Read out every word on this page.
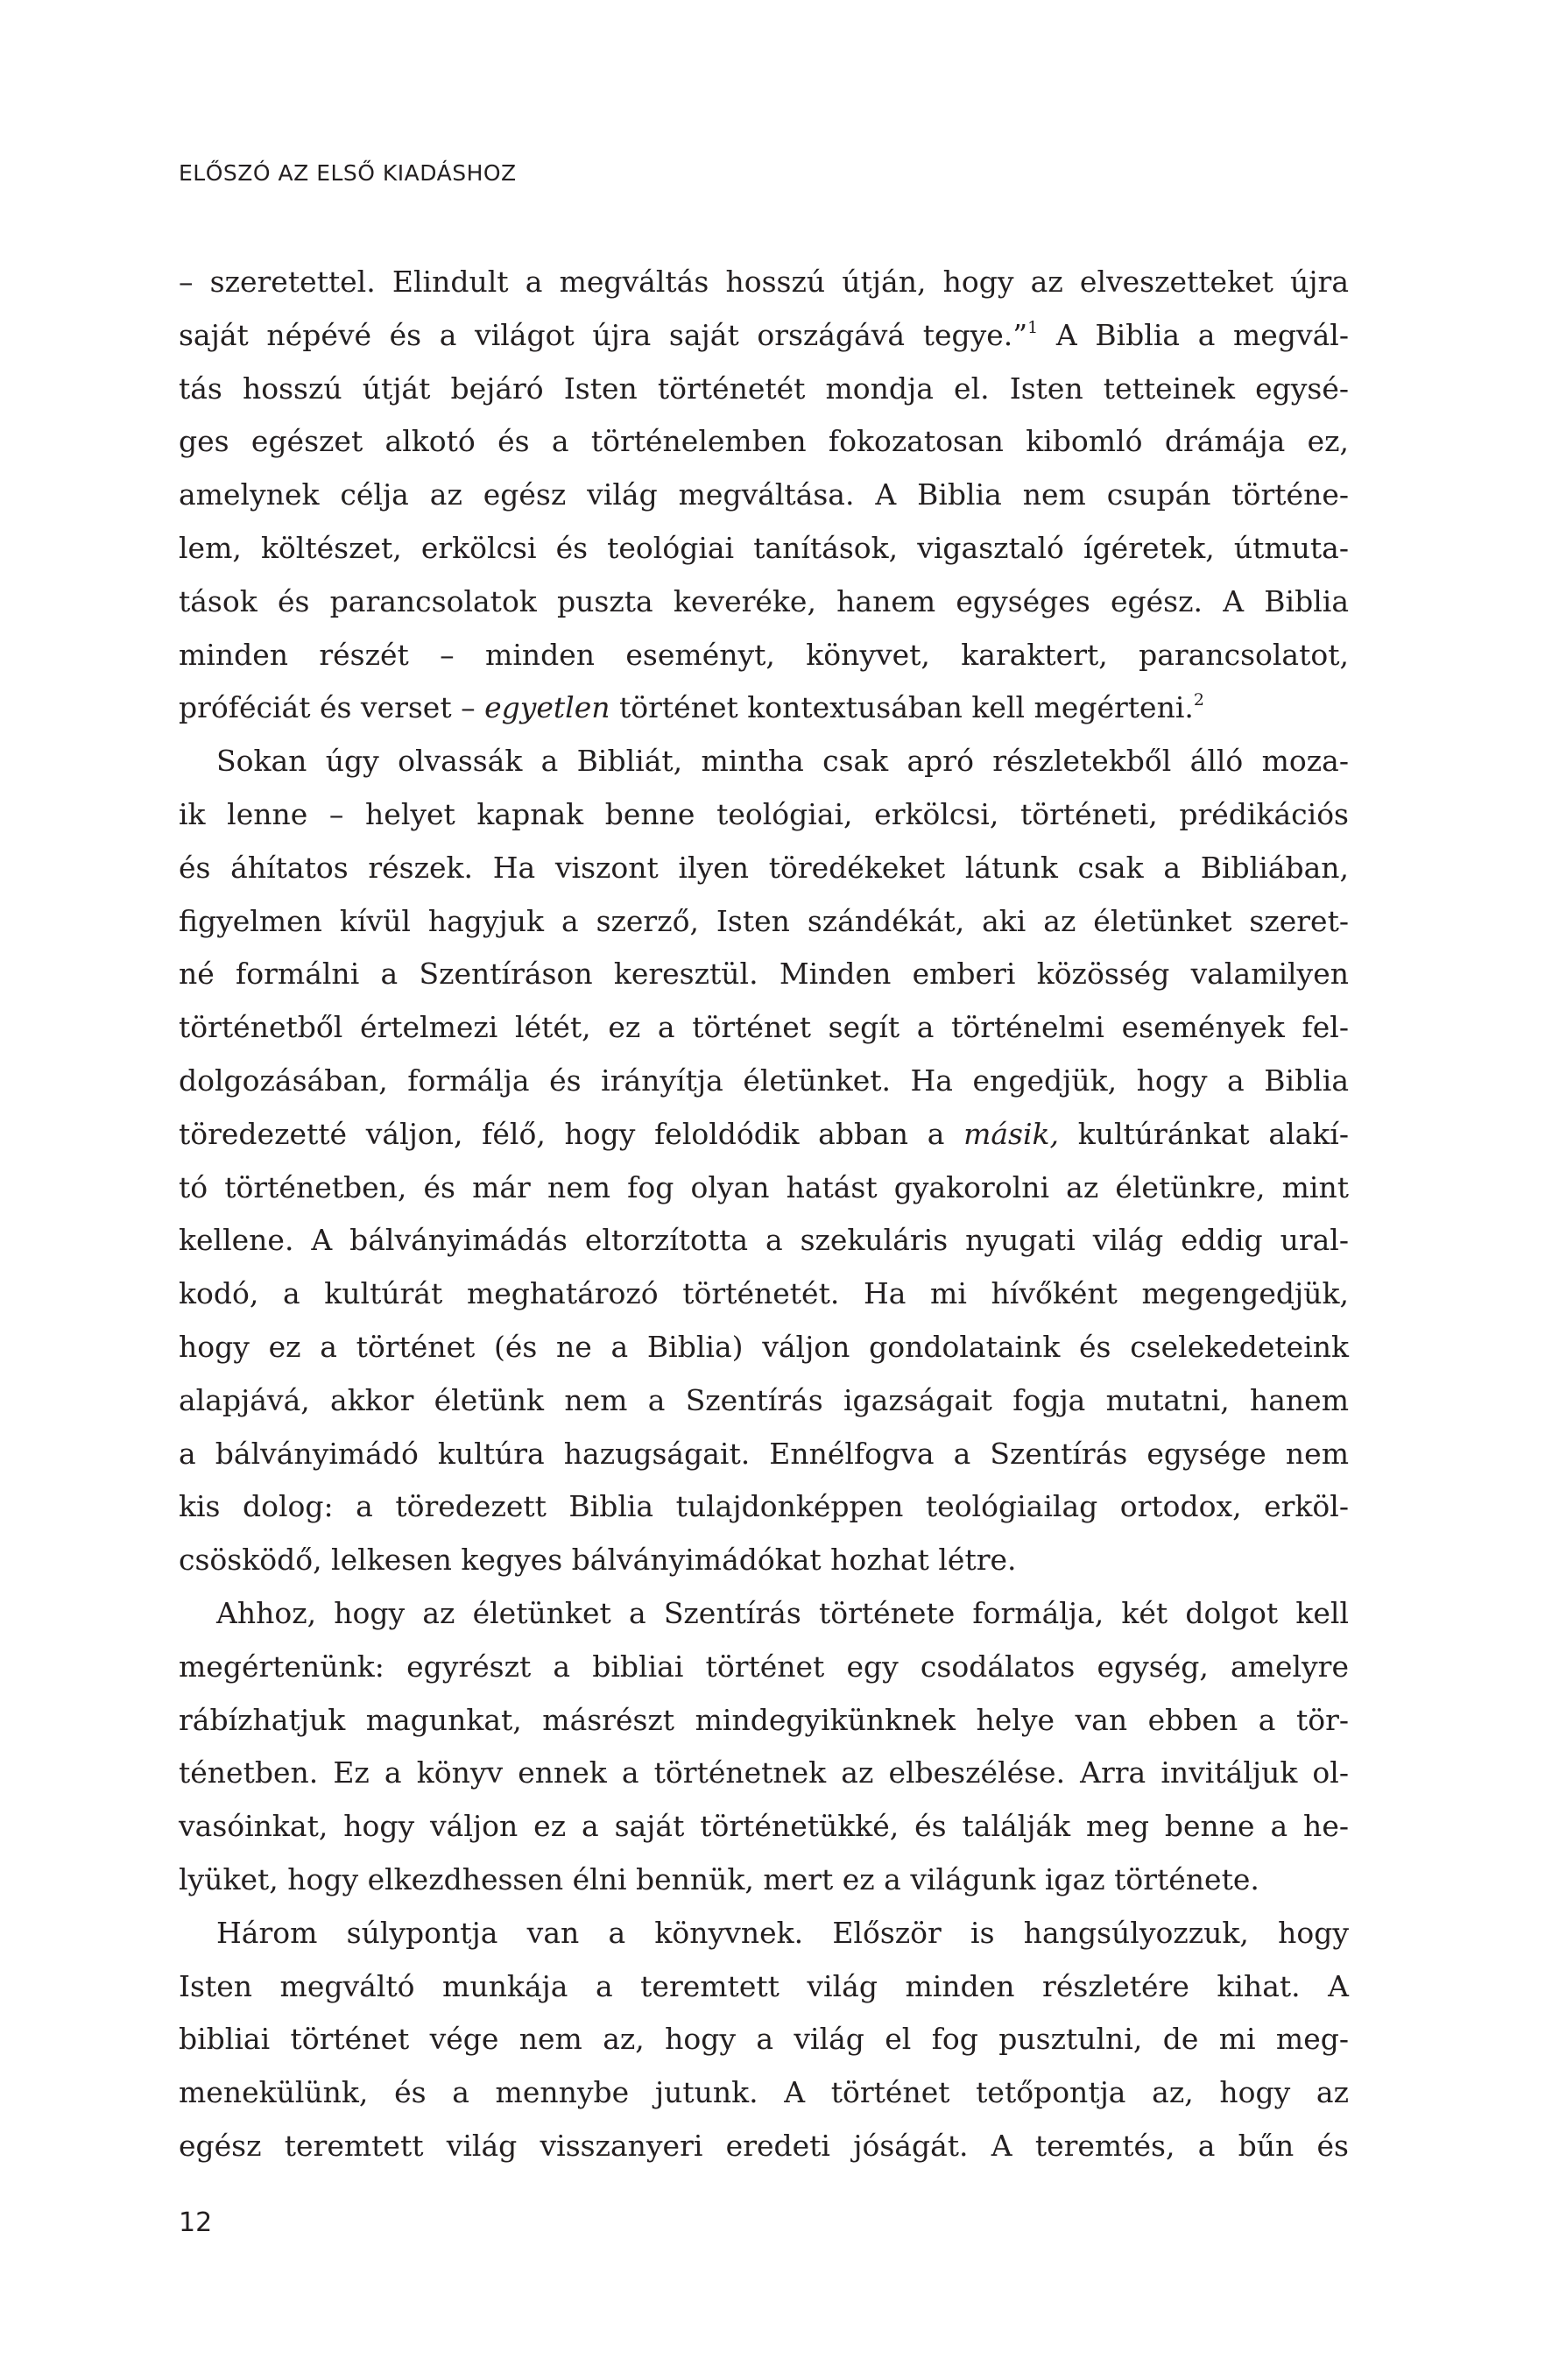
ELŐSZÓ AZ ELSŐ KIADÁSHOZ
– szeretettel. Elindult a megváltás hosszú útján, hogy az elveszetteket újra
saját népévé és a világot újra saját országává tegye.”$^1$ A Biblia a megvál-
tás hosszú útját bejáró Isten történetét mondja el. Isten tetteinek egysé-
ges egészet alkotó és a történelemben fokozatosan kibomló drámája ez,
amelynek célja az egész világ megváltása. A Biblia nem csupán történe-
lem, költészet, erkölcsi és teológiai tanítások, vigasztaló ígéretek, útmuta-
tások és parancsolatok puszta keveréke, hanem egységes egész. A Biblia
minden részét – minden eseményt, könyvet, karaktert, parancsolatot,
próféciát és verset – egyetlen történet kontextusában kell megérteni.$^2$
Sokan úgy olvassák a Bibliát, mintha csak apró részletekből álló moza-
ik lenne – helyet kapnak benne teológiai, erkölcsi, történeti, prédikációs
és áhítatos részek. Ha viszont ilyen töredékeket látunk csak a Bibliában,
figyelmen kívül hagyjuk a szerző, Isten szándékát, aki az életünket szeret-
né formálni a Szentíráson keresztül. Minden emberi közösség valamilyen
történetből értelmezi létét, ez a történet segít a történelmi események fel-
dolgozásában, formálja és irányítja életünket. Ha engedjük, hogy a Biblia
töredezetté váljon, félő, hogy feloldódik abban a másik, kultúránkat alakí-
tó történetben, és már nem fog olyan hatást gyakorolni az életünkre, mint
kellene. A bálványimádás eltorzította a szekuláris nyugati világ eddig ural-
kodó, a kultúrát meghatározó történetét. Ha mi hívőként megengedjük,
hogy ez a történet (és ne a Biblia) váljon gondolataink és cselekedeteink
alapjává, akkor életünk nem a Szentírás igazságait fogja mutatni, hanem
a bálványimádó kultúra hazugságait. Ennélfogva a Szentírás egysége nem
kis dolog: a töredezett Biblia tulajdonképpen teológiailag ortodox, erköl-
csösködő, lelkesen kegyes bálványimádókat hozhat létre.
Ahhoz, hogy az életünket a Szentírás története formálja, két dolgot kell
megértenünk: egyrészt a bibliai történet egy csodálatos egység, amelyre
rábízhatjuk magunkat, másrészt mindegyikünknek helye van ebben a tör-
ténetben. Ez a könyv ennek a történetnek az elbeszélése. Arra invitáljuk ol-
vasóinkat, hogy váljon ez a saját történetükké, és találják meg benne a he-
lyüket, hogy elkezdhessen élni bennük, mert ez a világunk igaz története.
Három súlypontja van a könyvnek. Először is hangsúlyozzuk, hogy
Isten megváltó munkája a teremtett világ minden részletére kihat. A
bibliai történet vége nem az, hogy a világ el fog pusztulni, de mi meg-
menekülünk, és a mennybe jutunk. A történet tetőpontja az, hogy az
egész teremtett világ visszanyeri eredeti jóságát. A teremtés, a bűn és
12
